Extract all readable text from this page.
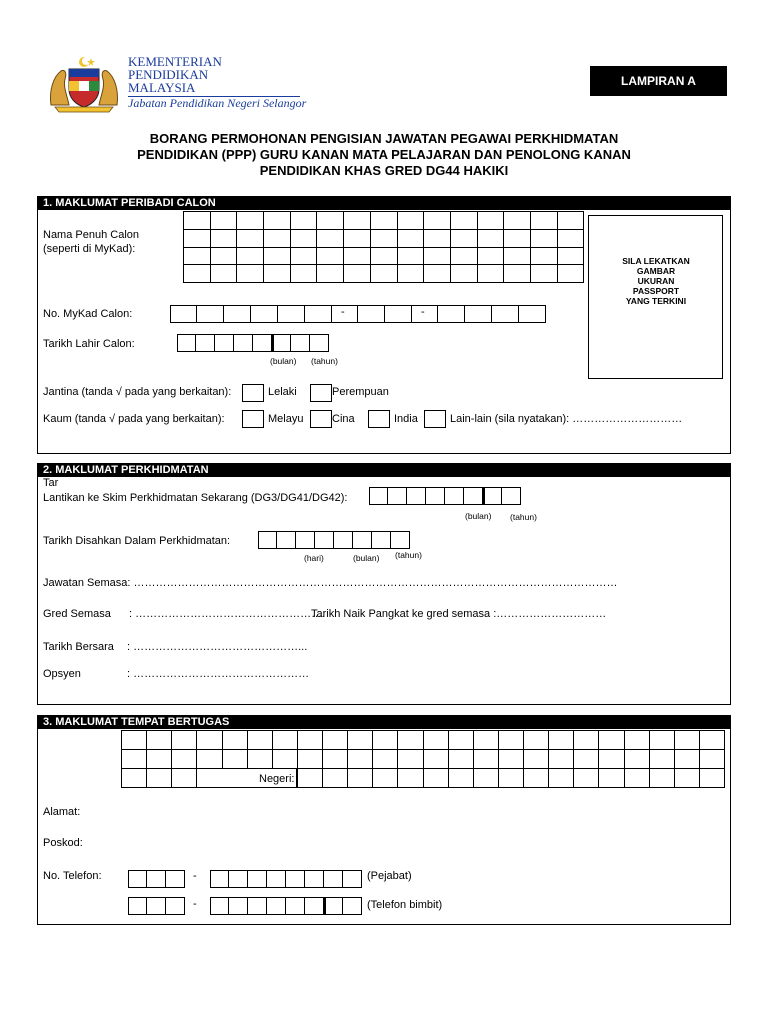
KEMENTERIAN
PENDIDIKAN
MALAYSIA
Jabatan Pendidikan Negeri Selangor
LAMPIRAN A
BORANG PERMOHONAN PENGISIAN JAWATAN PEGAWAI PERKHIDMATAN
PENDIDIKAN (PPP) GURU KANAN MATA PELAJARAN DAN PENOLONG KANAN
PENDIDIKAN KHAS GRED DG44 HAKIKI
1. MAKLUMAT PERIBADI CALON
Nama Penuh Calon
(seperti di MyKad):
SILA LEKATKAN GAMBAR UKURAN PASSPORT YANG TERKINI
No. MyKad Calon:	-	-
Tarikh Lahir Calon:
(bulan) (tahun)
Jantina (tanda √ pada yang berkaitan):	Lelaki	Perempuan
Kaum (tanda √ pada yang berkaitan):	Melayu	Cina	India	Lain-lain (sila nyatakan): …………………………
2. MAKLUMAT PERKHIDMATAN
Tar
Lantikan ke Skim Perkhidmatan Sekarang (DG3/DG41/DG42):
(bulan) (tahun)
Tarikh Disahkan Dalam Perkhidmatan:
(hari)	(bulan) (tahun)
Jawatan Semasa: ……………………………………………………………………………………………………………………
Gred Semasa : …………………………………………….
Tarikh Naik Pangkat ke gred semasa :…………………………
Tarikh Bersara : ………………………………………...
Opsyen	: …………………………………………
3. MAKLUMAT TEMPAT BERTUGAS
Negeri:
Alamat:
Poskod:
No. Telefon:	-	(Pejabat)
-	(Telefon bimbit)
